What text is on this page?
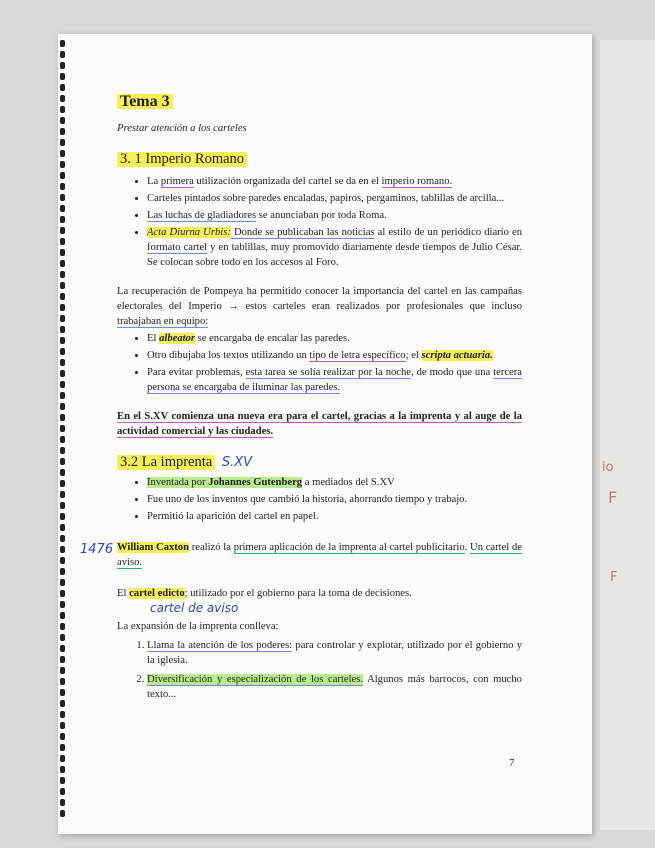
io
F
F
Tema 3
Prestar atención a los carteles
3. 1 Imperio Romano
• La primera utilización organizada del cartel se da en el imperio romano.
• Carteles pintados sobre paredes encaladas, papiros, pergaminos, tablillas de arcilla...
• Las luchas de gladiadores se anunciaban por toda Roma.
• Acta Diurna Urbis: Donde se publicaban las noticias al estilo de un periódico diario en formato cartel y en tablillas, muy promovido diariamente desde tiempos de Julio César. Se colocan sobre todo en los accesos al Foro.

La recuperación de Pompeya ha permitido conocer la importancia del cartel en las campañas electorales del Imperio → estos carteles eran realizados por profesionales que incluso trabajaban en equipo:

• El albeator se encargaba de encalar las paredes.
• Otro dibujaba los textos utilizando un tipo de letra específico; el scripta actuaria.
• Para evitar problemas, esta tarea se solía realizar por la noche, de modo que una tercera persona se encargaba de iluminar las paredes.

En el S.XV comienza una nueva era para el cartel, gracias a la imprenta y al auge de la actividad comercial y las ciudades.

3.2 La imprenta S.XV
• Inventada por Johannes Gutenberg a mediados del S.XV
• Fue uno de los inventos que cambió la historia, ahorrando tiempo y trabajo.
• Permitió la aparición del cartel en papel.

William Caxton realizó la primera aplicación de la imprenta al cartel publicitario. Un cartel de aviso.

El cartel edicto; utilizado por el gobierno para la toma de decisiones.

La expansión de la imprenta conlleva:

1. Llama la atención de los poderes: para controlar y explotar, utilizado por el gobierno y la iglesia.
2. Diversificación y especialización de los carteles. Algunos más barrocos, con mucho texto...
1476
cartel de aviso
7
